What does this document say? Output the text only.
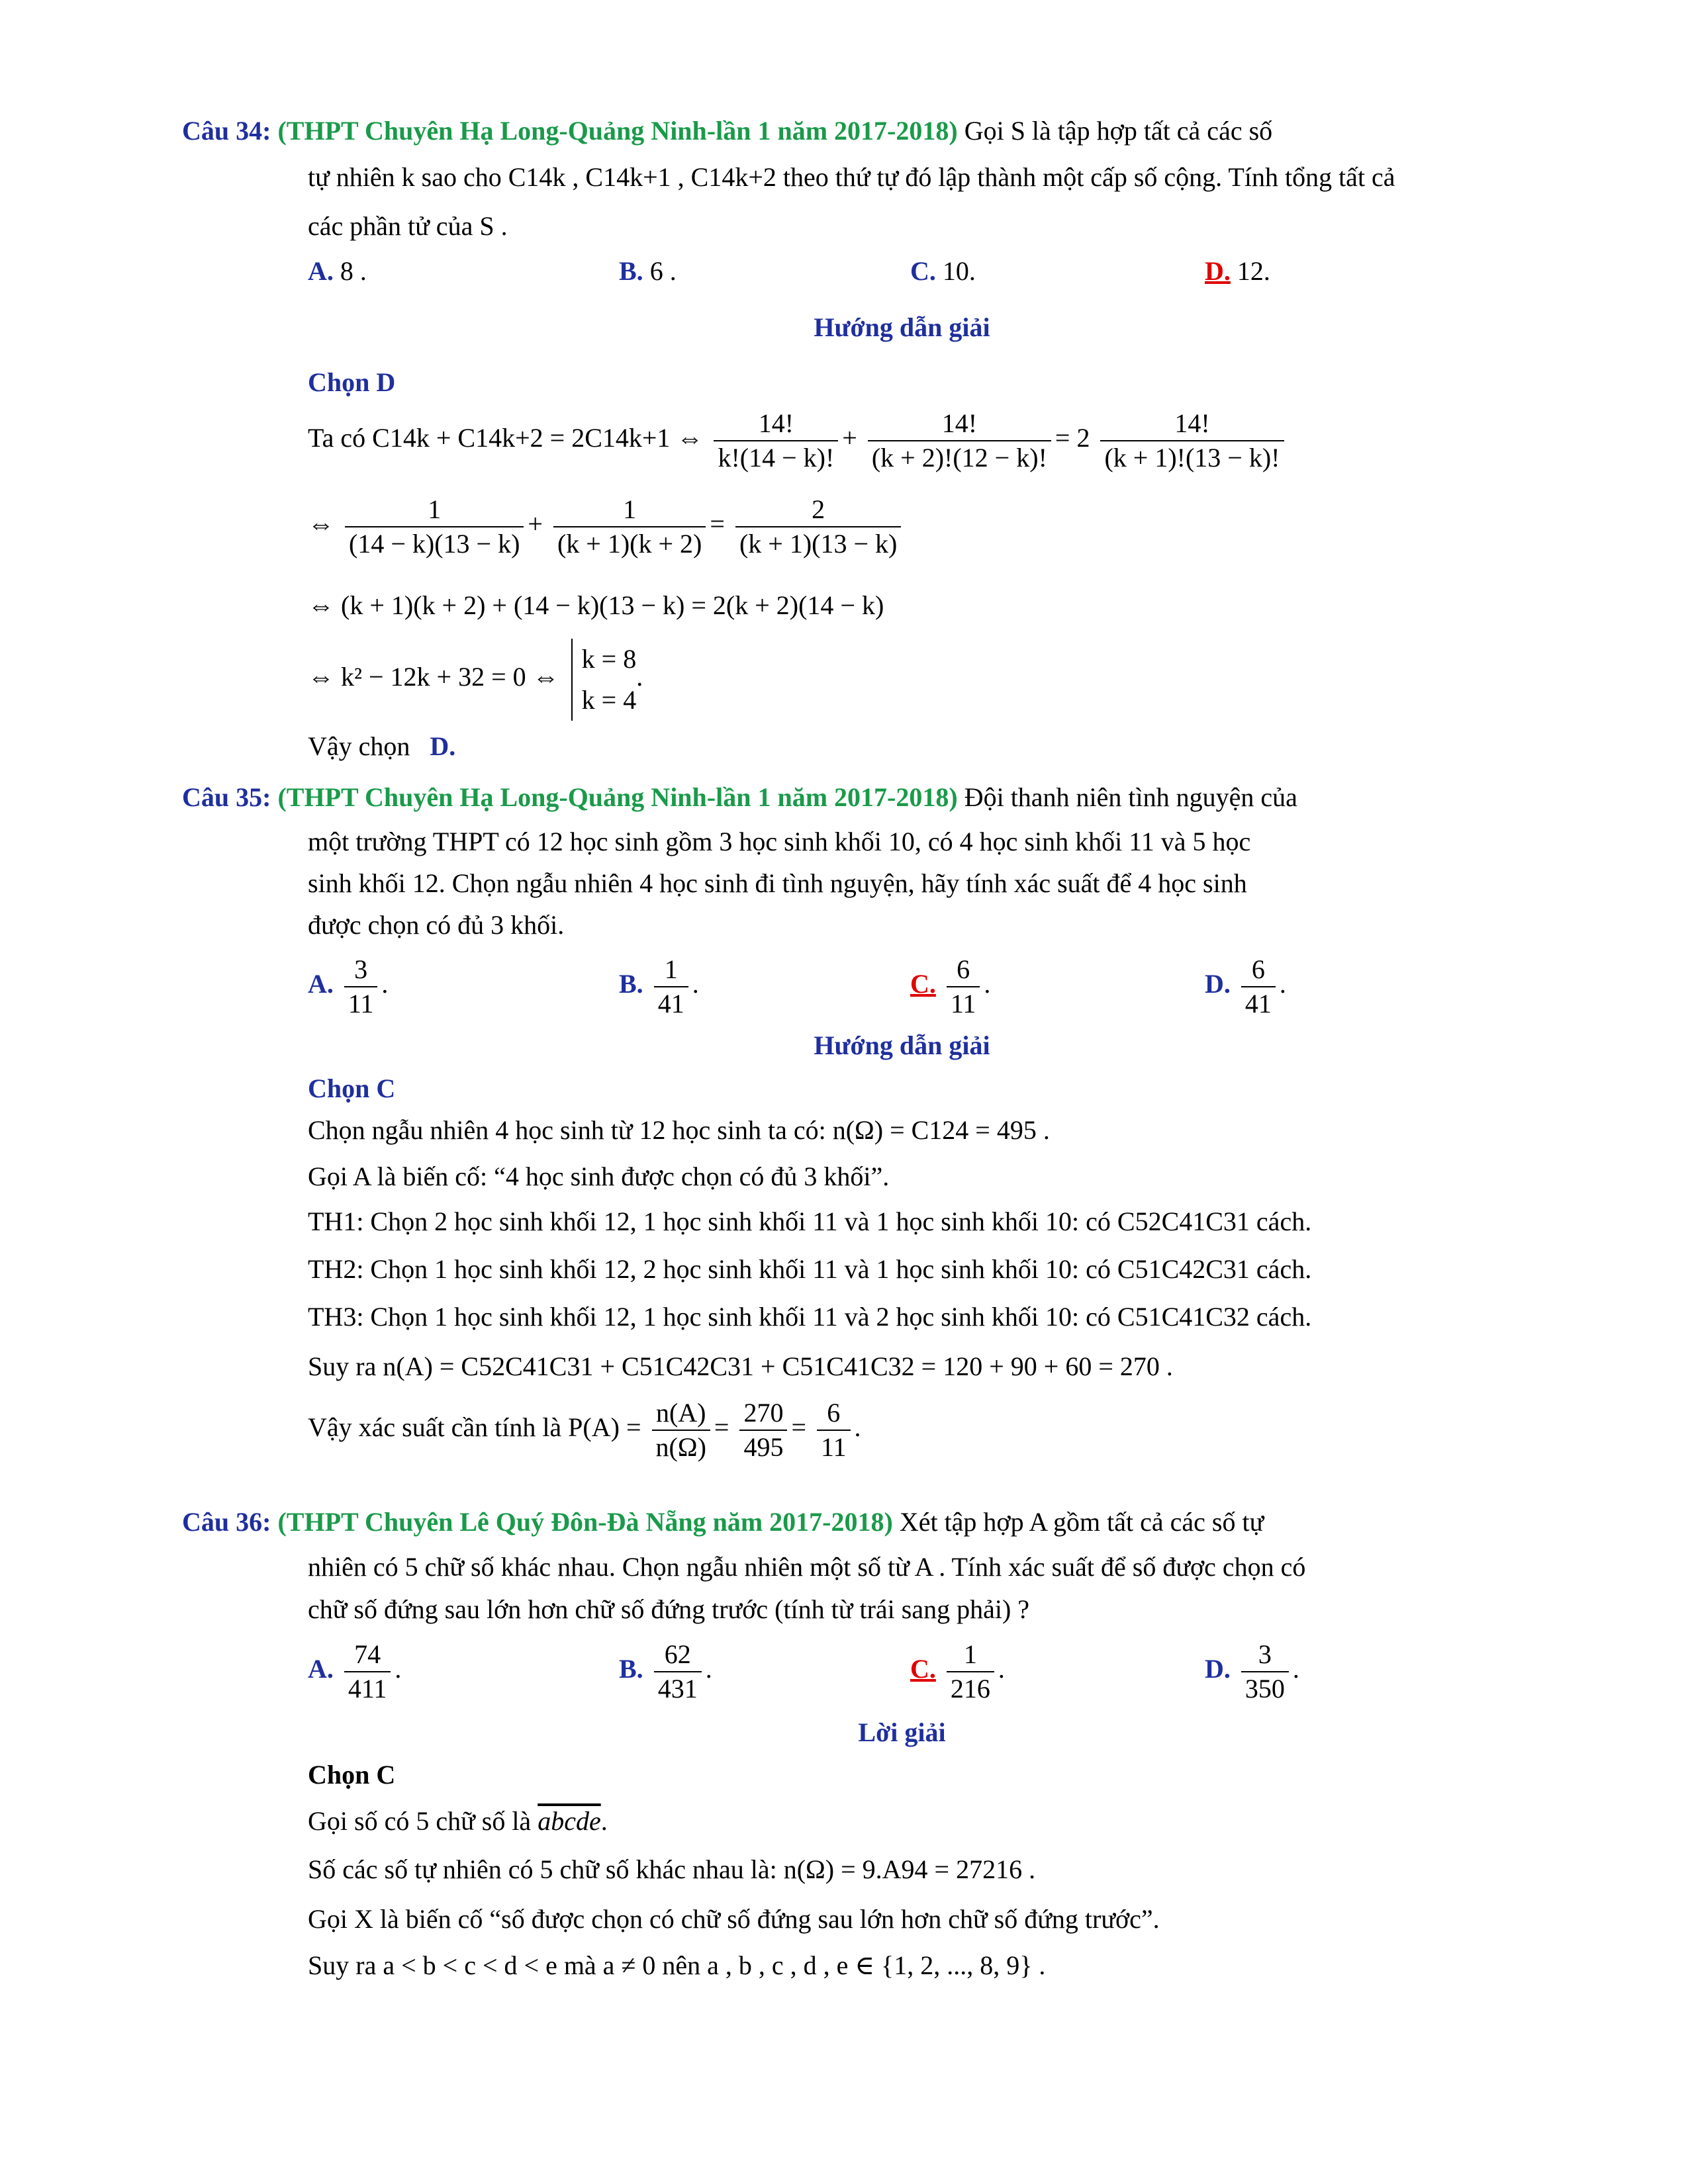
Câu 34: (THPT Chuyên Hạ Long-Quảng Ninh-lần 1 năm 2017-2018) Gọi S là tập hợp tất cả các số
tự nhiên k sao cho C14k , C14k+1 , C14k+2 theo thứ tự đó lập thành một cấp số cộng. Tính tổng tất cả
các phần tử của S .
A. 8 .	B. 6 .	C. 10.	D. 12.
Hướng dẫn giải
Chọn D
Ta có C14k + C14k+2 = 2C14k+1 ⇔ $\frac{14!}{k!(14 - k)!} + \frac{14!}{(k + 2)!(12 - k)!} = 2 \frac{14!}{(k + 1)!(13 - k)!}$
⇔ $\frac{1}{(14 - k)(13 - k)} + \frac{1}{(k + 1)(k + 2)} = \frac{2}{(k + 1)(13 - k)}$
⇔ (k + 1)(k + 2) + (14 − k)(13 − k) = 2(k + 2)(14 − k)
⇔ k² − 12k + 32 = 0 ⇔
k = 8
k = 4
.
Vậy chọn D.
Câu 35: (THPT Chuyên Hạ Long-Quảng Ninh-lần 1 năm 2017-2018) Đội thanh niên tình nguyện của
một trường THPT có 12 học sinh gồm 3 học sinh khối 10, có 4 học sinh khối 11 và 5 học
sinh khối 12. Chọn ngẫu nhiên 4 học sinh đi tình nguyện, hãy tính xác suất để 4 học sinh
được chọn có đủ 3 khối.
A. $\frac{3}{11}$ .	B. $\frac{1}{41}$ .	C. $\frac{6}{11}$ .	D. $\frac{6}{41}$ .
Hướng dẫn giải
Chọn C
Chọn ngẫu nhiên 4 học sinh từ 12 học sinh ta có: n(Ω) = C124 = 495 .
Gọi A là biến cố: “4 học sinh được chọn có đủ 3 khối”.
TH1: Chọn 2 học sinh khối 12, 1 học sinh khối 11 và 1 học sinh khối 10: có C52C41C31 cách.
TH2: Chọn 1 học sinh khối 12, 2 học sinh khối 11 và 1 học sinh khối 10: có C51C42C31 cách.
TH3: Chọn 1 học sinh khối 12, 1 học sinh khối 11 và 2 học sinh khối 10: có C51C41C32 cách.
Suy ra n(A) = C52C41C31 + C51C42C31 + C51C41C32 = 120 + 90 + 60 = 270 .
Vậy xác suất cần tính là $P(A) = \frac{n(A)}{n(\Omega)} = \frac{270}{495} = \frac{6}{11}$ .
Câu 36: (THPT Chuyên Lê Quý Đôn-Đà Nẵng năm 2017-2018) Xét tập hợp A gồm tất cả các số tự
nhiên có 5 chữ số khác nhau. Chọn ngẫu nhiên một số từ A . Tính xác suất để số được chọn có
chữ số đứng sau lớn hơn chữ số đứng trước (tính từ trái sang phải) ?
A. $\frac{74}{411}$ .	B. $\frac{62}{431}$ .	C. $\frac{1}{216}$ .	D. $\frac{3}{350}$ .
Lời giải
Chọn C
Gọi số có 5 chữ số là abcde.
Số các số tự nhiên có 5 chữ số khác nhau là: n(Ω) = 9.A94 = 27216 .
Gọi X là biến cố “số được chọn có chữ số đứng sau lớn hơn chữ số đứng trước”.
Suy ra a < b < c < d < e mà a ≠ 0 nên a , b , c , d , e ∈ {1, 2, ..., 8, 9} .
